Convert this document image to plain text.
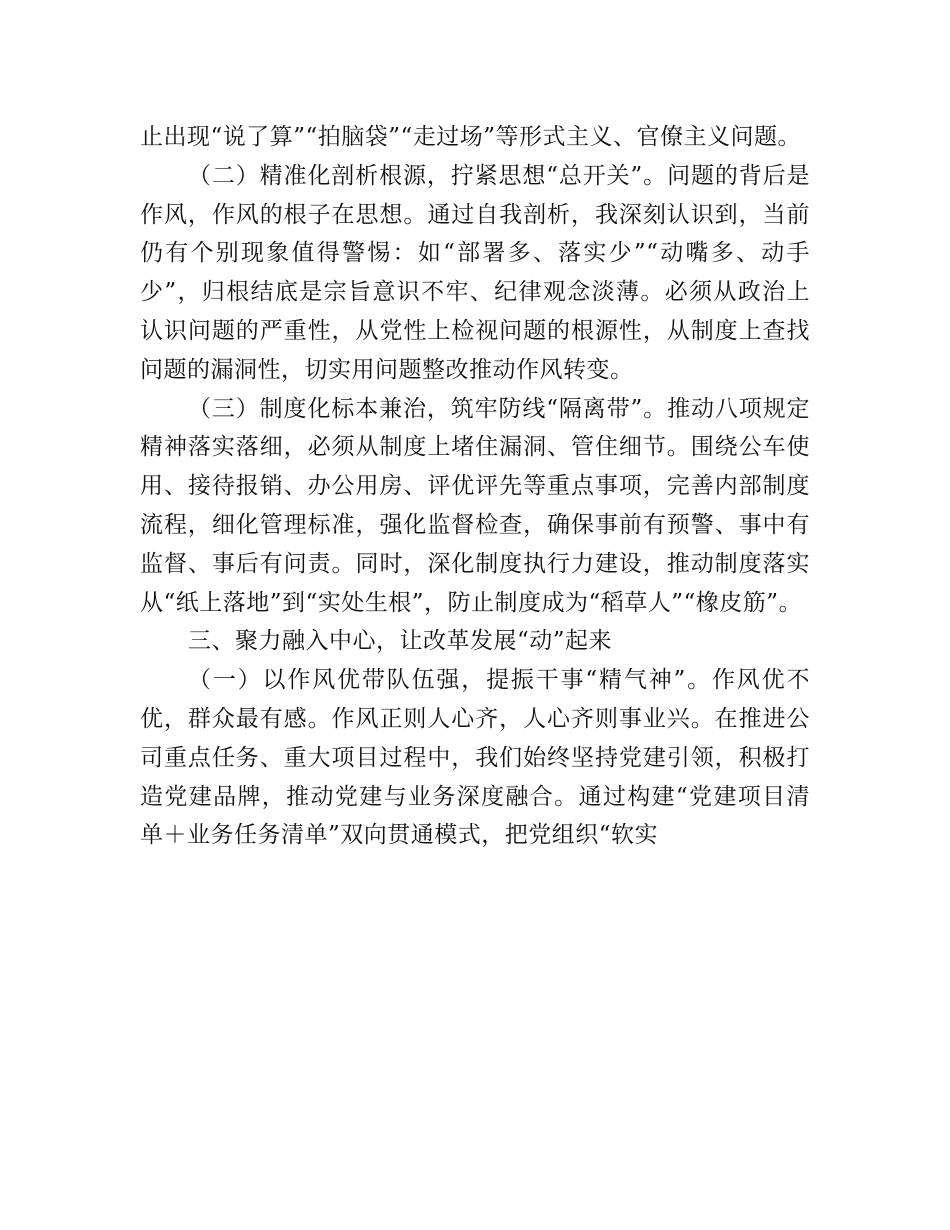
止出现“说了算”“拍脑袋”“走过场”等形式主义、官僚主义问题。

（二）精准化剖析根源，拧紧思想“总开关”。问题的背后是作风，作风的根子在思想。通过自我剖析，我深刻认识到，当前仍有个别现象值得警惕：如“部署多、落实少”“动嘴多、动手少”，归根结底是宗旨意识不牢、纪律观念淡薄。必须从政治上认识问题的严重性，从党性上检视问题的根源性，从制度上查找问题的漏洞性，切实用问题整改推动作风转变。

（三）制度化标本兼治，筑牢防线“隔离带”。推动八项规定精神落实落细，必须从制度上堵住漏洞、管住细节。围绕公车使用、接待报销、办公用房、评优评先等重点事项，完善内部制度流程，细化管理标准，强化监督检查，确保事前有预警、事中有监督、事后有问责。同时，深化制度执行力建设，推动制度落实从“纸上落地”到“实处生根”，防止制度成为“稻草人”“橡皮筋”。

三、聚力融入中心，让改革发展“动”起来

（一）以作风优带队伍强，提振干事“精气神”。作风优不优，群众最有感。作风正则人心齐，人心齐则事业兴。在推进公司重点任务、重大项目过程中，我们始终坚持党建引领，积极打造党建品牌，推动党建与业务深度融合。通过构建“党建项目清单＋业务任务清单”双向贯通模式，把党组织“软实
